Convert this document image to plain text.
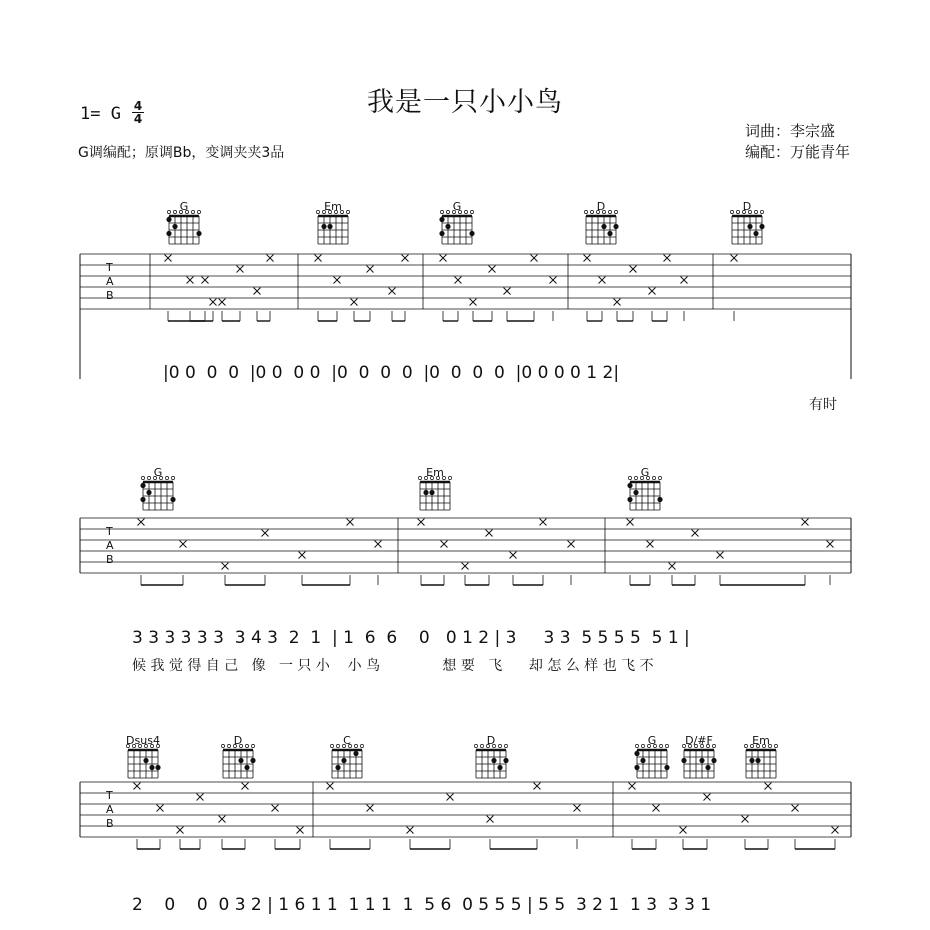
我是一只小小鸟
1= G 4
4
G调编配；原调Bb，变调夹夹3品
词曲：李宗盛
编配：万能青年
T
A
B
G	Em	G	D	D
|0 0  0  0  |0 0  0 0  |0  0  0  0  |0  0  0  0  |0 0 0 0 1 2|
有时
T
A
B
G	Em	G
3 3 3 3 3 3  3 4 3  2  1  | 1  6  6    0   0 1 2 | 3     3 3  5 5 5 5  5 1 |
候 我 觉 得 自 己   像   一 只 小    小 鸟              想 要   飞      却 怎 么 样 也 飞 不
T
A
B
Dsus4	D	C	D	G	D/#F	Em
2    0    0  0 3 2 | 1 6 1 1  1 1 1  1  5 6  0 5 5 5 | 5 5  3 2 1  1 3  3 3 1
